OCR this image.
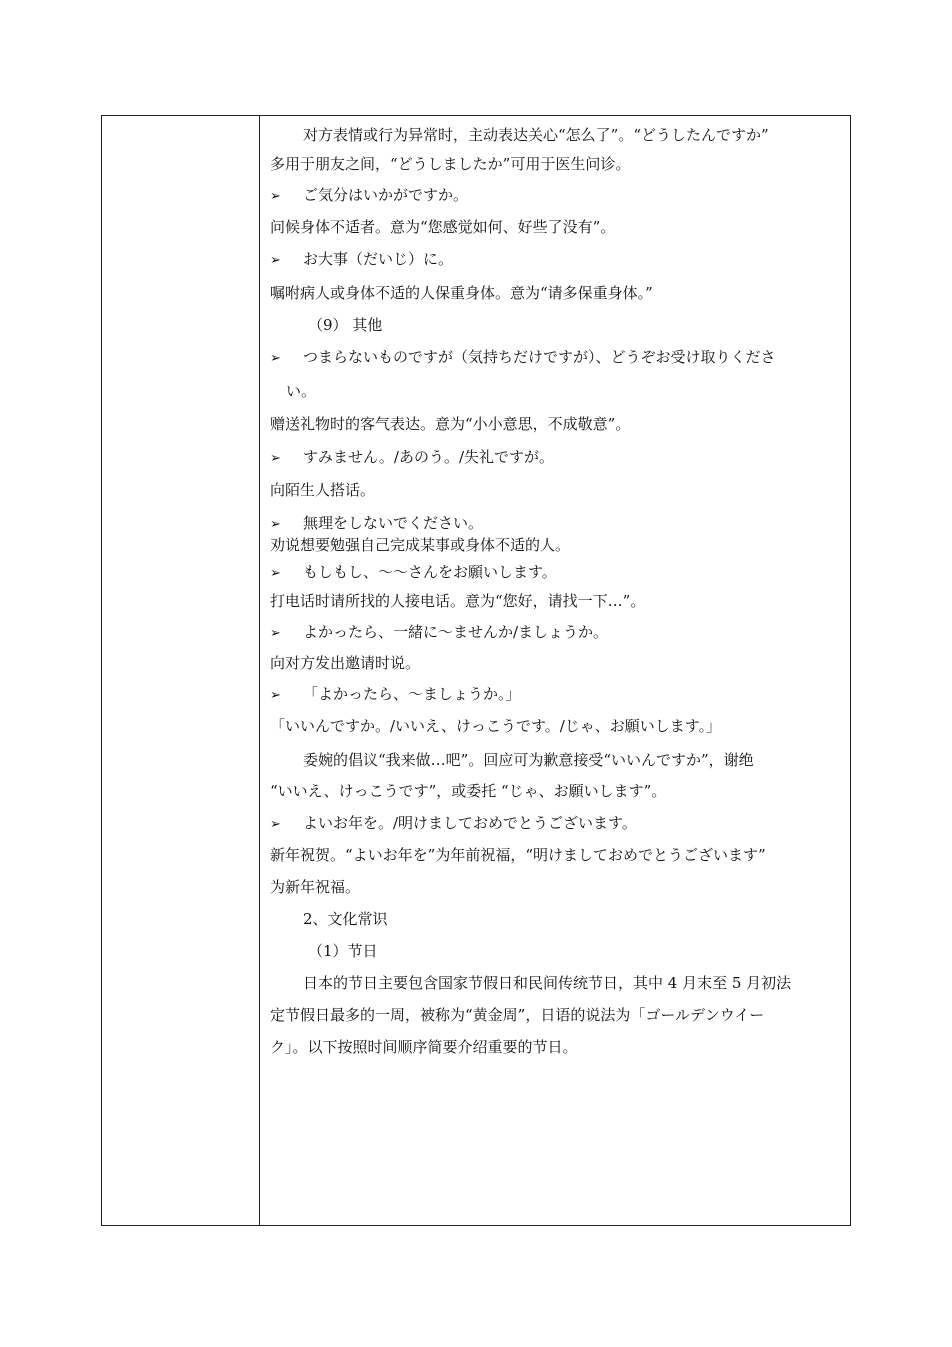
对方表情或行为异常时，主动表达关心“怎么了”。“どうしたんですか”
多用于朋友之间，“どうしましたか”可用于医生问诊。
➢ ご気分はいかがですか。
问候身体不适者。意为“您感觉如何、好些了没有”。
➢ お大事（だいじ）に。
嘱咐病人或身体不适的人保重身体。意为“请多保重身体。”
（9） 其他
➢ つまらないものですが（気持ちだけですが）、どうぞお受け取りくださ
い。
赠送礼物时的客气表达。意为“小小意思，不成敬意”。
➢ すみません。/あのう。/失礼ですが。
向陌生人搭话。
➢ 無理をしないでください。
劝说想要勉强自己完成某事或身体不适的人。
➢ もしもし、～～さんをお願いします。
打电话时请所找的人接电话。意为“您好，请找一下…”。
➢ よかったら、一緒に～ませんか/ましょうか。
向对方发出邀请时说。
➢ 「よかったら、～ましょうか。」
「いいんですか。/いいえ、けっこうです。/じゃ、お願いします。」
委婉的倡议“我来做…吧”。回应可为歉意接受“いいんですか”，谢绝
“いいえ、けっこうです”，或委托 “じゃ、お願いします”。
➢ よいお年を。/明けましておめでとうございます。
新年祝贺。“よいお年を”为年前祝福，“明けましておめでとうございます”
为新年祝福。
2、文化常识
（1）节日
日本的节日主要包含国家节假日和民间传统节日，其中 4 月末至 5 月初法
定节假日最多的一周，被称为“黄金周”，日语的说法为「ゴールデンウイー
ク」。以下按照时间顺序简要介绍重要的节日。
